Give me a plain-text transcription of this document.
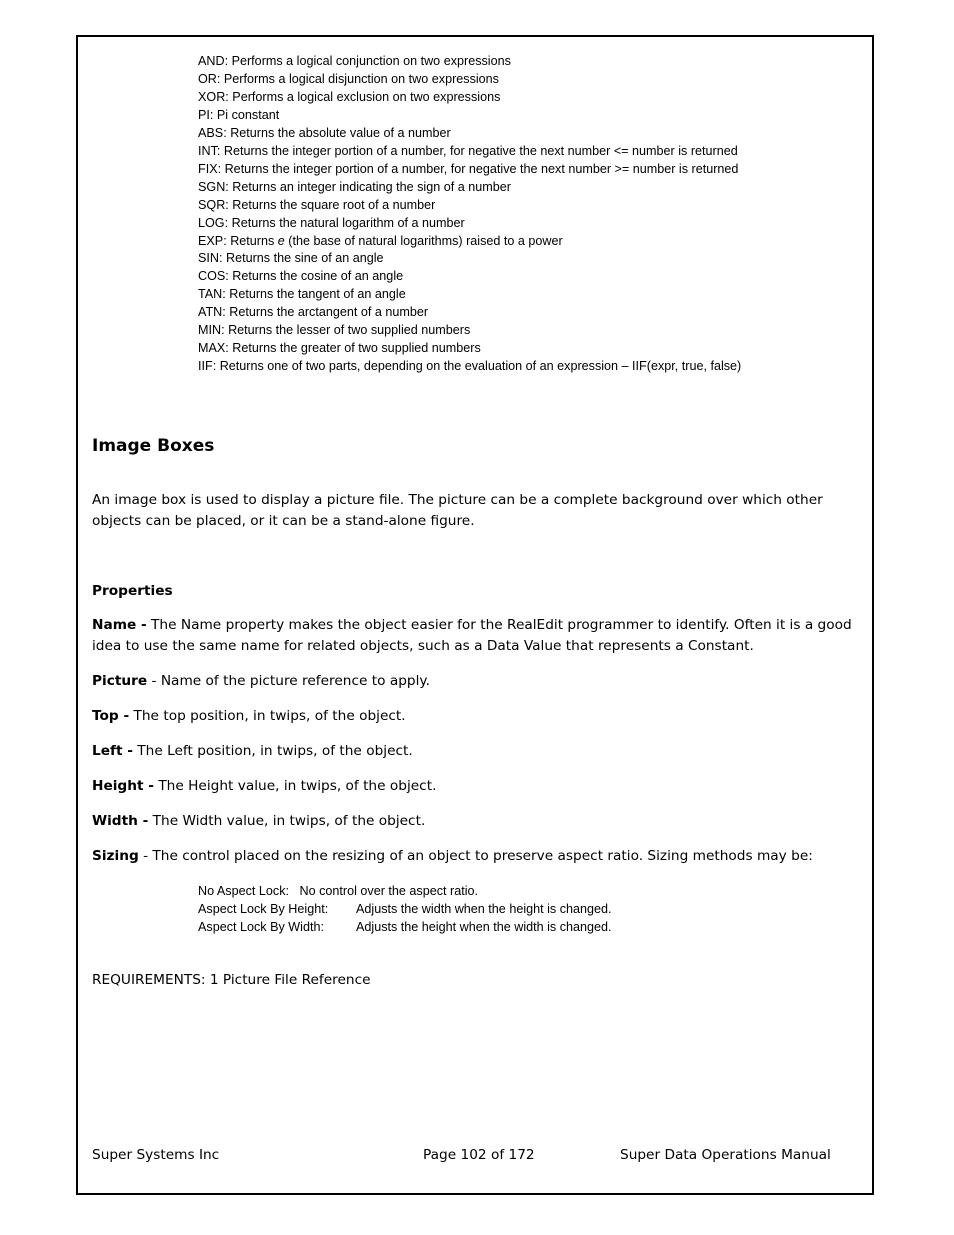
AND: Performs a logical conjunction on two expressions
OR: Performs a logical disjunction on two expressions
XOR: Performs a logical exclusion on two expressions
PI: Pi constant
ABS: Returns the absolute value of a number
INT: Returns the integer portion of a number, for negative the next number <= number is returned
FIX: Returns the integer portion of a number, for negative the next number >= number is returned
SGN: Returns an integer indicating the sign of a number
SQR: Returns the square root of a number
LOG: Returns the natural logarithm of a number
EXP: Returns e (the base of natural logarithms) raised to a power
SIN: Returns the sine of an angle
COS: Returns the cosine of an angle
TAN: Returns the tangent of an angle
ATN: Returns the arctangent of a number
MIN: Returns the lesser of two supplied numbers
MAX: Returns the greater of two supplied numbers
IIF: Returns one of two parts, depending on the evaluation of an expression – IIF(expr, true, false)
Image Boxes

An image box is used to display a picture file. The picture can be a complete background over which other objects can be placed, or it can be a stand-alone figure.

Properties

Name - The Name property makes the object easier for the RealEdit programmer to identify. Often it is a good idea to use the same name for related objects, such as a Data Value that represents a Constant.

Picture - Name of the picture reference to apply.

Top - The top position, in twips, of the object.

Left - The Left position, in twips, of the object.

Height - The Height value, in twips, of the object.

Width - The Width value, in twips, of the object.

Sizing - The control placed on the resizing of an object to preserve aspect ratio. Sizing methods may be:

No Aspect Lock: No control over the aspect ratio.	
Aspect Lock By Height:	Adjusts the width when the height is changed.
Aspect Lock By Width:	Adjusts the height when the width is changed.

REQUIREMENTS: 1 Picture File Reference

Super Systems Inc	Page 102 of 172	Super Data Operations Manual
